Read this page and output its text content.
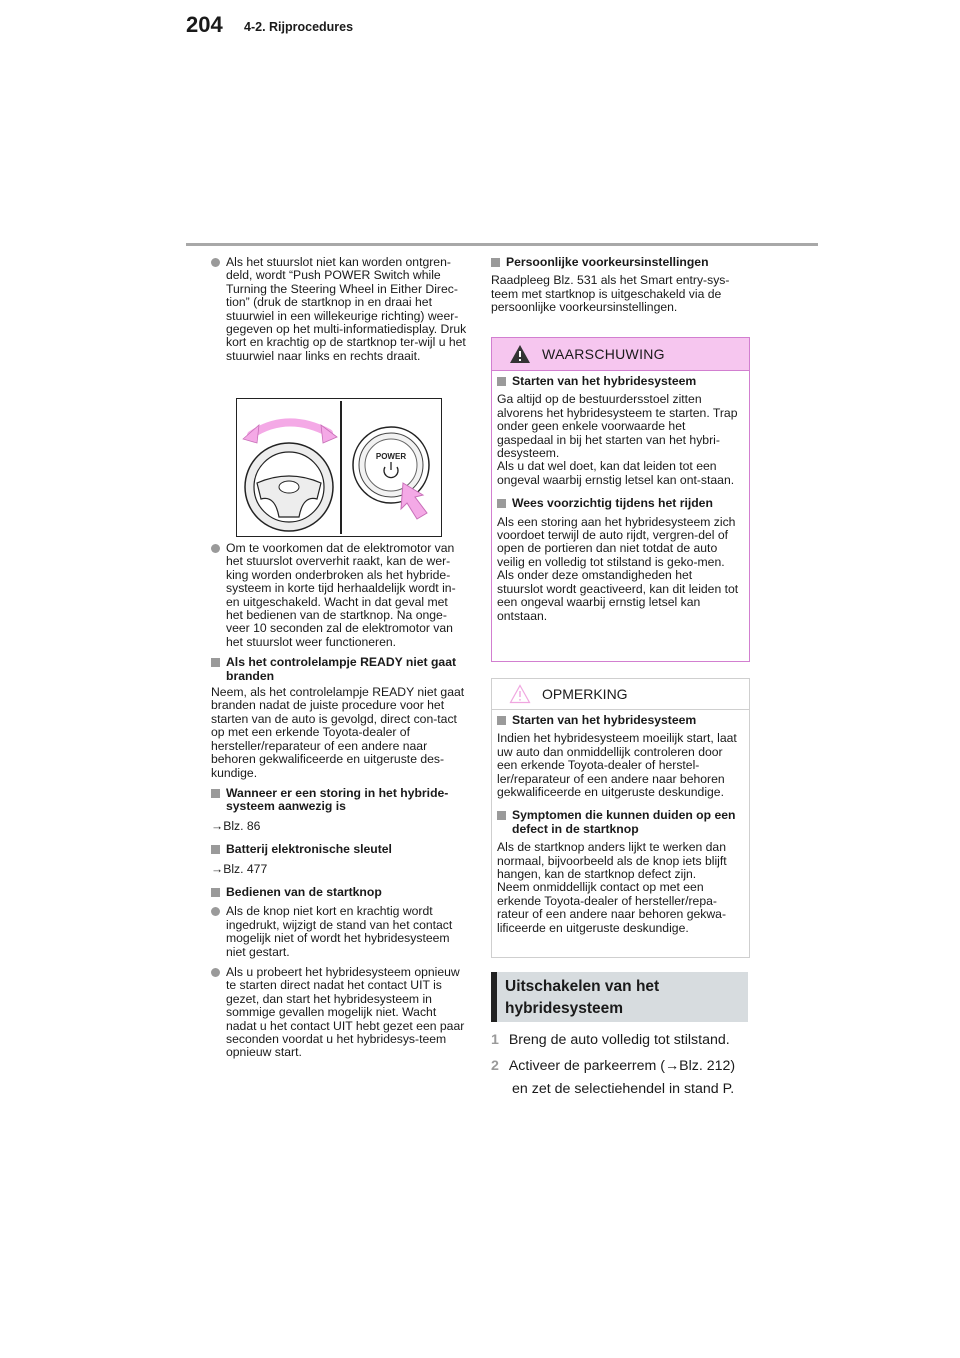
204 4-2. Rijprocedures

Als het stuurslot niet kan worden ontgren-deld, wordt “Push POWER Switch while Turning the Steering Wheel in Either Direc-tion” (druk de startknop in en draai het stuurwiel in een willekeurige richting) weer-gegeven op het multi-informatiedisplay. Druk kort en krachtig op de startknop ter-wijl u het stuurwiel naar links en rechts draait.

POWER

Om te voorkomen dat de elektromotor van het stuurslot oververhit raakt, kan de wer-king worden onderbroken als het hybride-systeem in korte tijd herhaaldelijk wordt in- en uitgeschakeld. Wacht in dat geval met het bedienen van de startknop. Na onge-veer 10 seconden zal de elektromotor van het stuurslot weer functioneren.

Als het controlelampje READY niet gaat branden

Neem, als het controlelampje READY niet gaat branden nadat de juiste procedure voor het starten van de auto is gevolgd, direct con-tact op met een erkende Toyota-dealer of hersteller/reparateur of een andere naar behoren gekwalificeerde en uitgeruste des-kundige.

Wanneer er een storing in het hybride-systeem aanwezig is

→Blz. 86

Batterij elektronische sleutel

→Blz. 477

Bedienen van de startknop

Als de knop niet kort en krachtig wordt ingedrukt, wijzigt de stand van het contact mogelijk niet of wordt het hybridesysteem niet gestart.

Als u probeert het hybridesysteem opnieuw te starten direct nadat het contact UIT is gezet, dan start het hybridesysteem in sommige gevallen mogelijk niet. Wacht nadat u het contact UIT hebt gezet een paar seconden voordat u het hybridesys-teem opnieuw start.

Persoonlijke voorkeursinstellingen

Raadpleeg Blz. 531 als het Smart entry-sys-teem met startknop is uitgeschakeld via de persoonlijke voorkeursinstellingen.

WAARSCHUWING

Starten van het hybridesysteem

Ga altijd op de bestuurdersstoel zitten alvorens het hybridesysteem te starten. Trap onder geen enkele voorwaarde het gaspedaal in bij het starten van het hybri-desysteem.

Als u dat wel doet, kan dat leiden tot een ongeval waarbij ernstig letsel kan ont-staan.

Wees voorzichtig tijdens het rijden

Als een storing aan het hybridesysteem zich voordoet terwijl de auto rijdt, vergren-del of open de portieren dan niet totdat de auto veilig en volledig tot stilstand is geko-men. Als onder deze omstandigheden het stuurslot wordt geactiveerd, kan dit leiden tot een ongeval waarbij ernstig letsel kan ontstaan.

OPMERKING

Starten van het hybridesysteem

Indien het hybridesysteem moeilijk start, laat uw auto dan onmiddellijk controleren door een erkende Toyota-dealer of herstel-ler/reparateur of een andere naar behoren gekwalificeerde en uitgeruste deskundige.

Symptomen die kunnen duiden op een defect in de startknop

Als de startknop anders lijkt te werken dan normaal, bijvoorbeeld als de knop iets blijft hangen, kan de startknop defect zijn.

Neem onmiddellijk contact op met een erkende Toyota-dealer of hersteller/repa-rateur of een andere naar behoren gekwa-lificeerde en uitgeruste deskundige.

Uitschakelen van het
hybridesysteem
1 Breng de auto volledig tot stilstand.
2 Activeer de parkeerrem (→Blz. 212)
en zet de selectiehendel in stand P.
